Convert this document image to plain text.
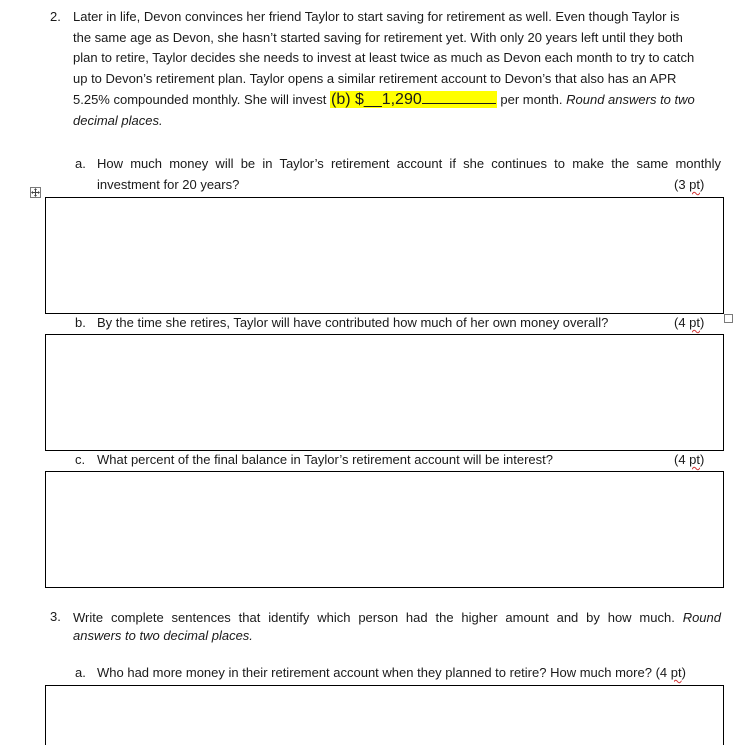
2. Later in life, Devon convinces her friend Taylor to start saving for retirement as well. Even though Taylor is
the same age as Devon, she hasn’t started saving for retirement yet. With only 20 years left until they both
plan to retire, Taylor decides she needs to invest at least twice as much as Devon each month to try to catch
up to Devon’s retirement plan. Taylor opens a similar retirement account to Devon’s that also has an APR
5.25% compounded monthly. She will invest (b) $__1,290	per month. Round answers to two
decimal places.
a. How much money will be in Taylor’s retirement account if she continues to make the same monthly
investment for 20 years?	(3 pt)
b. By the time she retires, Taylor will have contributed how much of her own money overall?	(4 pt)
c. What percent of the final balance in Taylor’s retirement account will be interest?	(4 pt)
3. Write complete sentences that identify which person had the higher amount and by how much. Round
answers to two decimal places.
a. Who had more money in their retirement account when they planned to retire? How much more? (4 pt)
